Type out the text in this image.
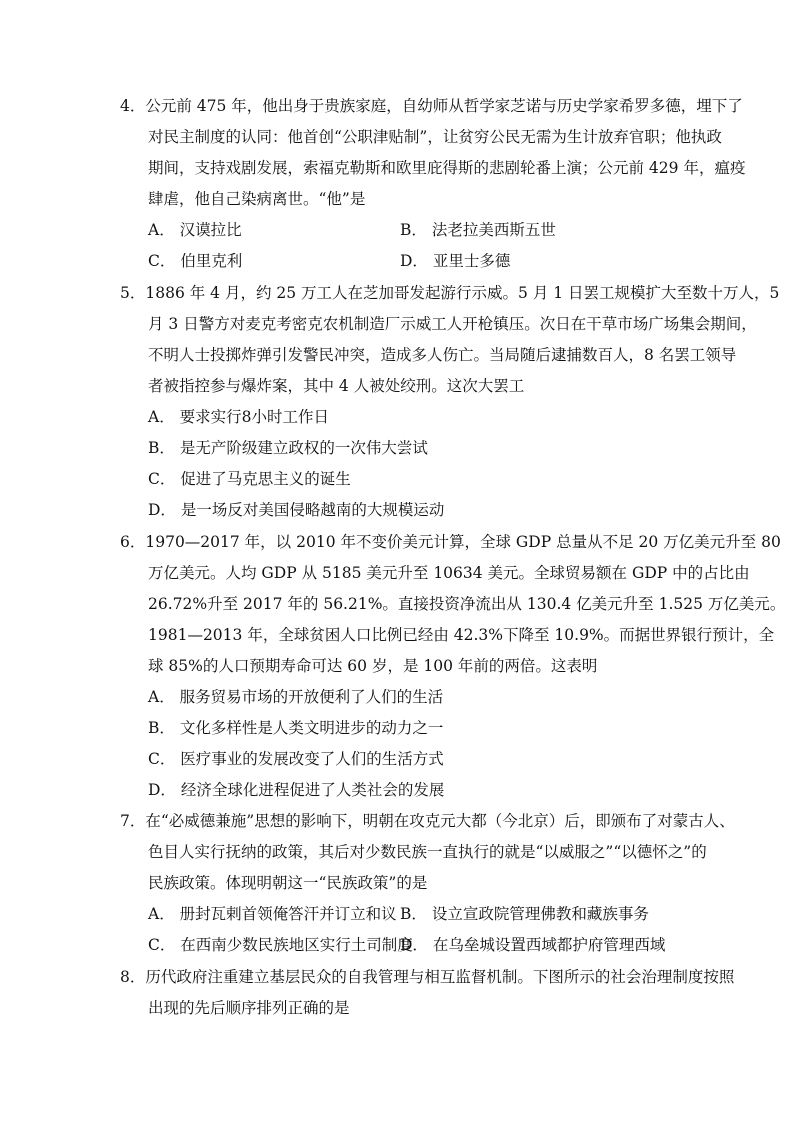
4．公元前 475 年，他出身于贵族家庭，自幼师从哲学家芝诺与历史学家希罗多德，埋下了
对民主制度的认同：他首创“公职津贴制”，让贫穷公民无需为生计放弃官职；他执政
期间，支持戏剧发展，索福克勒斯和欧里庇得斯的悲剧轮番上演；公元前 429 年，瘟疫
肆虐，他自己染病离世。“他”是
A． 汉谟拉比	B． 法老拉美西斯五世
C． 伯里克利	D． 亚里士多德
5．1886 年 4 月，约 25 万工人在芝加哥发起游行示威。5 月 1 日罢工规模扩大至数十万人，5
月 3 日警方对麦克考密克农机制造厂示威工人开枪镇压。次日在干草市场广场集会期间，
不明人士投掷炸弹引发警民冲突，造成多人伤亡。当局随后逮捕数百人，8 名罢工领导
者被指控参与爆炸案，其中 4 人被处绞刑。这次大罢工
A． 要求实行8小时工作日
B． 是无产阶级建立政权的一次伟大尝试
C． 促进了马克思主义的诞生
D． 是一场反对美国侵略越南的大规模运动
6．1970—2017 年，以 2010 年不变价美元计算，全球 GDP 总量从不足 20 万亿美元升至 80
万亿美元。人均 GDP 从 5185 美元升至 10634 美元。全球贸易额在 GDP 中的占比由
26.72%升至 2017 年的 56.21%。直接投资净流出从 130.4 亿美元升至 1.525 万亿美元。
1981—2013 年，全球贫困人口比例已经由 42.3%下降至 10.9%。而据世界银行预计，全
球 85%的人口预期寿命可达 60 岁，是 100 年前的两倍。这表明
A． 服务贸易市场的开放便利了人们的生活
B． 文化多样性是人类文明进步的动力之一
C． 医疗事业的发展改变了人们的生活方式
D． 经济全球化进程促进了人类社会的发展
7．在“必威德兼施”思想的影响下，明朝在攻克元大都（今北京）后，即颁布了对蒙古人、
色目人实行抚纳的政策，其后对少数民族一直执行的就是“以威服之”“以德怀之”的
民族政策。体现明朝这一“民族政策”的是
A． 册封瓦剌首领俺答汗并订立和议 B． 设立宣政院管理佛教和藏族事务
C． 在西南少数民族地区实行土司制度
D． 在乌垒城设置西域都护府管理西域
8．历代政府注重建立基层民众的自我管理与相互监督机制。下图所示的社会治理制度按照
出现的先后顺序排列正确的是
